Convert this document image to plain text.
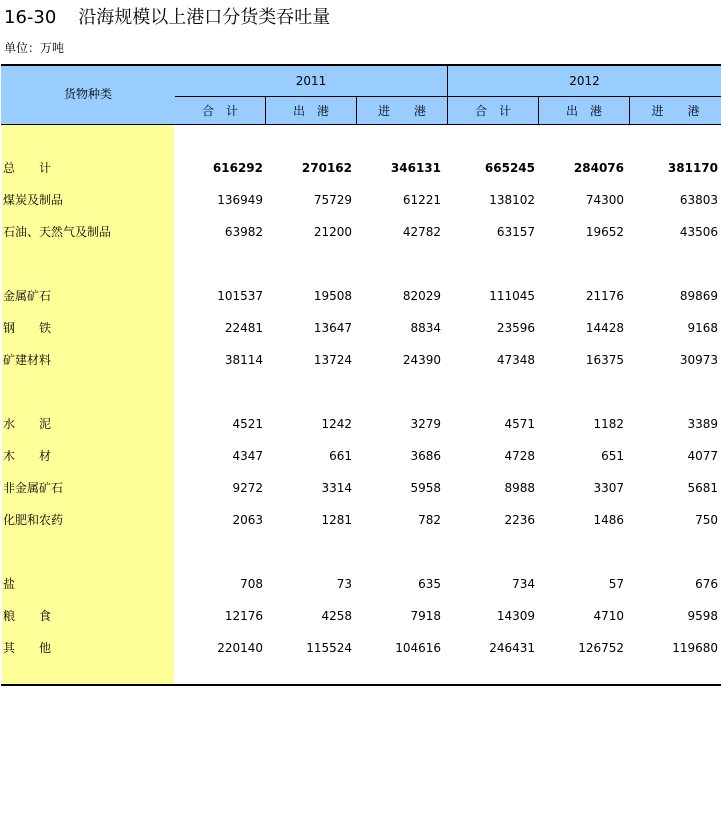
16-30 沿海规模以上港口分货类吞吐量
单位：万吨
货物种类
2011	2012
合　计	出　港	进　　港	合　计	出　港	进　　港
总　　计	616292	270162	346131	665245	284076	381170
煤炭及制品	136949	75729	61221	138102	74300	63803
石油、天然气及制品	63982	21200	42782	63157	19652	43506
金属矿石	101537	19508	82029	111045	21176	89869
钢　　铁	22481	13647	8834	23596	14428	9168
矿建材料	38114	13724	24390	47348	16375	30973
水　　泥	4521	1242	3279	4571	1182	3389
木　　材	4347	661	3686	4728	651	4077
非金属矿石	9272	3314	5958	8988	3307	5681
化肥和农药	2063	1281	782	2236	1486	750
盐	708	73	635	734	57	676
粮　　食	12176	4258	7918	14309	4710	9598
其　　他	220140	115524	104616	246431	126752	119680
